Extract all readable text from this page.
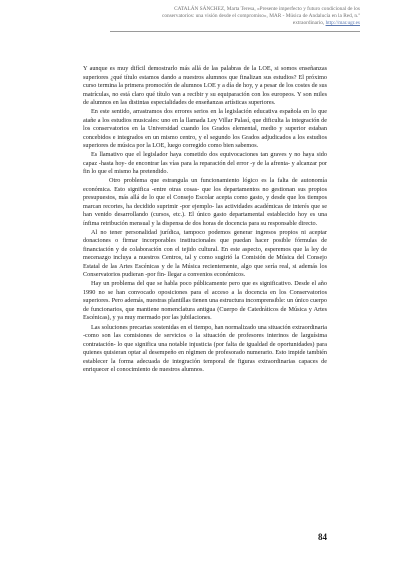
CATALÁN SÁNCHEZ, Marta Teresa, «Presente imperfecto y futuro condicional de los
conservatorios: una visión desde el compromiso», MAR - Música de Andalucía en la Red, n.º
extraordinario, http://mar.ugr.es

Y aunque es muy difícil demostrarlo más allá de las palabras de la LOE, si somos enseñanzas superiores ¿qué título estamos dando a nuestros alumnos que finalizan sus estudios? El próximo curso termina la primera promoción de alumnos LOE y a día de hoy, y a pesar de los costes de sus matrículas, no está claro qué título van a recibir y su equiparación con los europeos. Y son miles de alumnos en las distintas especialidades de enseñanzas artísticas superiores.

En este sentido, arrastramos dos errores serios en la legislación educativa española en lo que atañe a los estudios musicales: uno en la llamada Ley Villar Palasí, que dificulta la integración de los conservatorios en la Universidad cuando los Grados elemental, medio y superior estaban concebidos e integrados en un mismo centro, y el segundo los Grados adjudicados a los estudios superiores de música por la LOE, luego corregido como bien sabemos.

Es llamativo que el legislador haya cometido dos equivocaciones tan graves y no haya sido capaz -hasta hoy- de encontrar las vías para la reparación del error -y de la afrenta- y alcanzar por fin lo que el mismo ha pretendido.

Otro problema que estrangula un funcionamiento lógico es la falta de autonomía económica. Esto significa -entre otras cosas- que los departamentos no gestionan sus propios presupuestos, más allá de lo que el Consejo Escolar acepta como gasto, y desde que los tiempos marcan recortes, ha decidido suprimir -por ejemplo- las actividades académicas de interés que se han venido desarrollando (cursos, etc.). El único gasto departamental establecido hoy es una ínfima retribución mensual y la dispensa de dos horas de docencia para su responsable directo.

Al no tener personalidad jurídica, tampoco podemos generar ingresos propios ni aceptar donaciones o firmar incorporables institucionales que puedan hacer posible fórmulas de financiación y de colaboración con el tejido cultural. En este aspecto, esperemos que la ley de mecenazgo incluya a nuestros Centros, tal y como sugirió la Comisión de Música del Consejo Estatal de las Artes Escénicas y de la Música recientemente, algo que sería real, si además los Conservatorios pudieran -por fin- llegar a convenios económicos.

Hay un problema del que se habla poco públicamente pero que es significativo. Desde el año 1990 no se han convocado oposiciones para el acceso a la docencia en los Conservatorios superiores. Pero además, nuestras plantillas tienen una estructura incomprensible: un único cuerpo de funcionarios, que mantiene nomenclatura antigua (Cuerpo de Catedráticos de Música y Artes Escénicas), y ya muy mermado por las jubilaciones.

Las soluciones precarias sostenidas en el tiempo, han normalizado una situación extraordinaria -como son las comisiones de servicios o la situación de profesores interinos de larguísima contratación- lo que significa una notable injusticia (por falta de igualdad de oportunidades) para quienes quisieran optar al desempeño en régimen de profesorado numerario. Esto impide también establecer la forma adecuada de integración temporal de figuras extraordinarias capaces de enriquecer el conocimiento de nuestros alumnos.

84
